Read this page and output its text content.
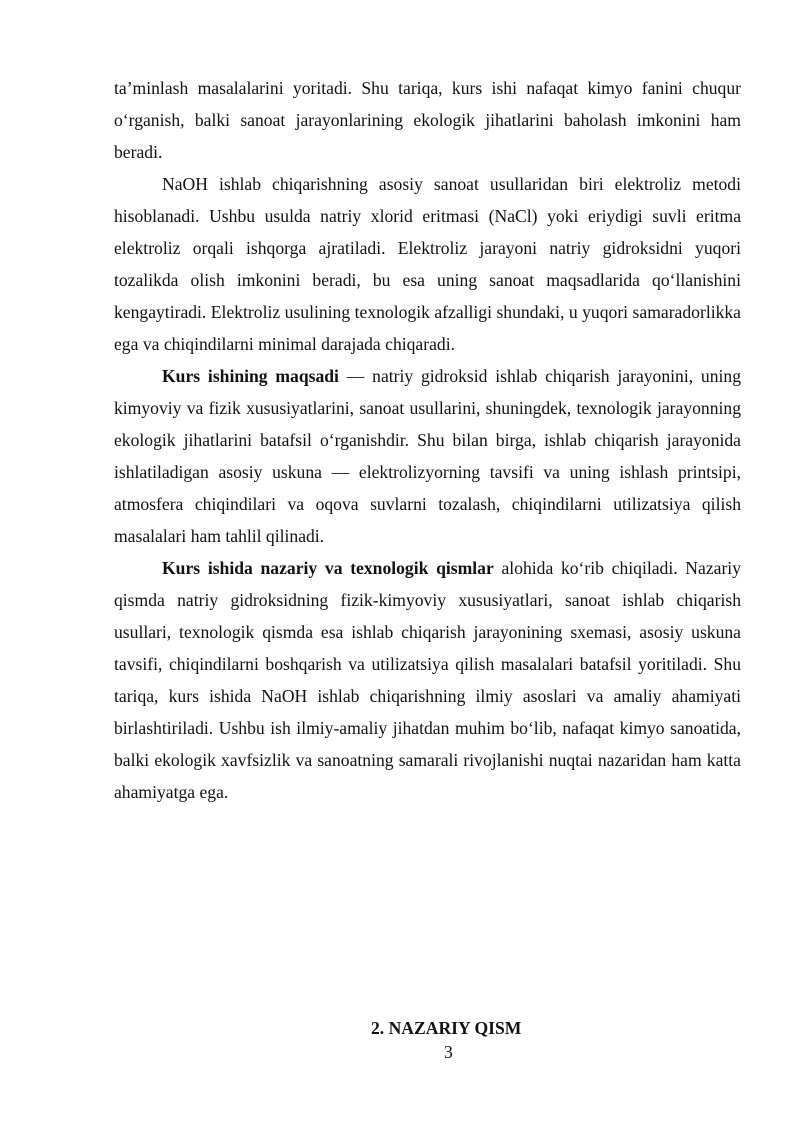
ta’minlash masalalarini yoritadi. Shu tariqa, kurs ishi nafaqat kimyo fanini chuqur o‘rganish, balki sanoat jarayonlarining ekologik jihatlarini baholash imkonini ham beradi.

NaOH ishlab chiqarishning asosiy sanoat usullaridan biri elektroliz metodi hisoblanadi. Ushbu usulda natriy xlorid eritmasi (NaCl) yoki eriydigi suvli eritma elektroliz orqali ishqorga ajratiladi. Elektroliz jarayoni natriy gidroksidni yuqori tozalikda olish imkonini beradi, bu esa uning sanoat maqsadlarida qo‘llanishini kengaytiradi. Elektroliz usulining texnologik afzalligi shundaki, u yuqori samaradorlikka ega va chiqindilarni minimal darajada chiqaradi.

Kurs ishining maqsadi — natriy gidroksid ishlab chiqarish jarayonini, uning kimyoviy va fizik xususiyatlarini, sanoat usullarini, shuningdek, texnologik jarayonning ekologik jihatlarini batafsil o‘rganishdir. Shu bilan birga, ishlab chiqarish jarayonida ishlatiladigan asosiy uskuna — elektrolizyorning tavsifi va uning ishlash printsipi, atmosfera chiqindilari va oqova suvlarni tozalash, chiqindilarni utilizatsiya qilish masalalari ham tahlil qilinadi.

Kurs ishida nazariy va texnologik qismlar alohida ko‘rib chiqiladi. Nazariy qismda natriy gidroksidning fizik-kimyoviy xususiyatlari, sanoat ishlab chiqarish usullari, texnologik qismda esa ishlab chiqarish jarayonining sxemasi, asosiy uskuna tavsifi, chiqindilarni boshqarish va utilizatsiya qilish masalalari batafsil yoritiladi. Shu tariqa, kurs ishida NaOH ishlab chiqarishning ilmiy asoslari va amaliy ahamiyati birlashtiriladi. Ushbu ish ilmiy-amaliy jihatdan muhim bo‘lib, nafaqat kimyo sanoatida, balki ekologik xavfsizlik va sanoatning samarali rivojlanishi nuqtai nazaridan ham katta ahamiyatga ega.

2. NAZARIY QISM
3
